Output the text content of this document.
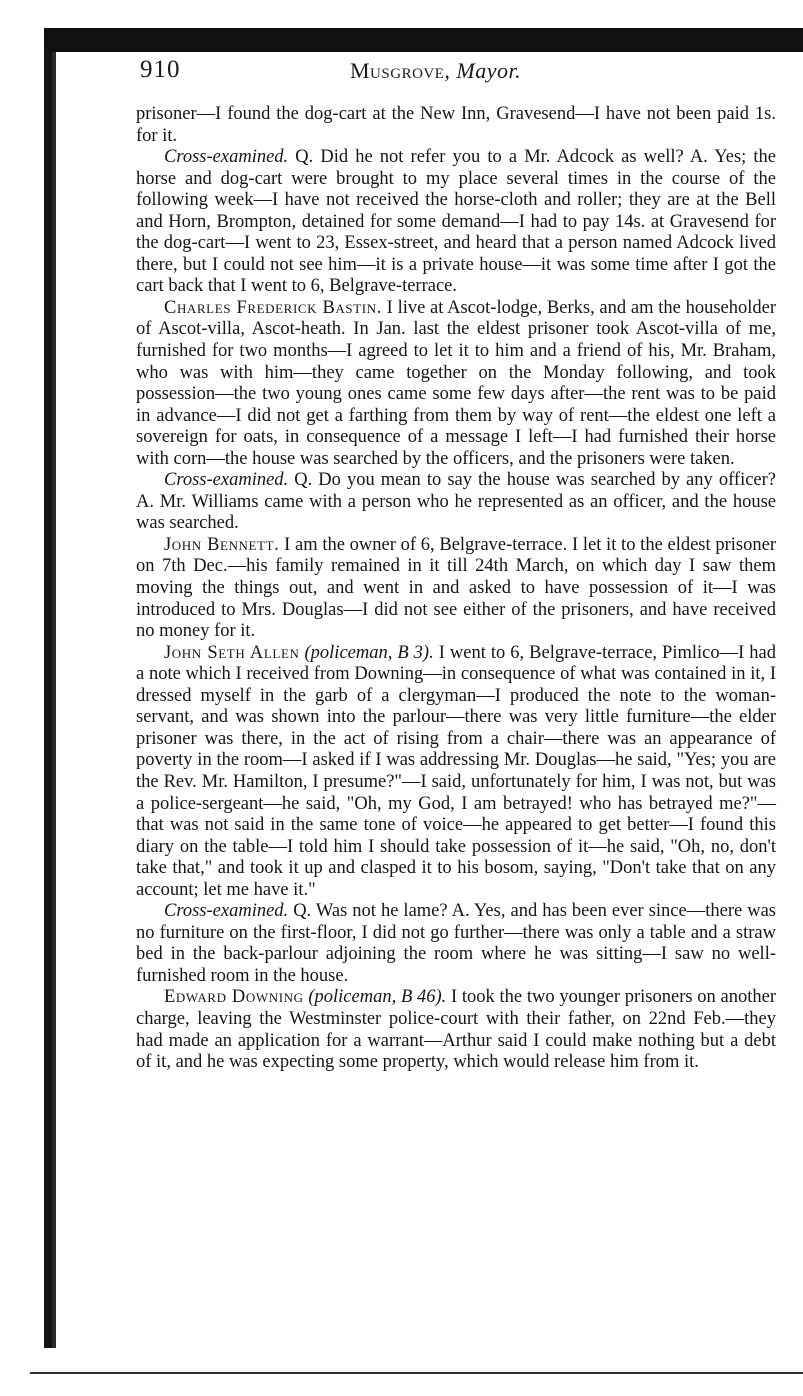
910	Musgrove, Mayor.

prisoner—I found the dog-cart at the New Inn, Gravesend—I have not been paid 1s. for it.

Cross-examined. Q. Did he not refer you to a Mr. Adcock as well? A. Yes; the horse and dog-cart were brought to my place several times in the course of the following week—I have not received the horse-cloth and roller; they are at the Bell and Horn, Brompton, detained for some demand—I had to pay 14s. at Gravesend for the dog-cart—I went to 23, Essex-street, and heard that a person named Adcock lived there, but I could not see him—it is a private house—it was some time after I got the cart back that I went to 6, Belgrave-terrace.

Charles Frederick Bastin. I live at Ascot-lodge, Berks, and am the householder of Ascot-villa, Ascot-heath. In Jan. last the eldest prisoner took Ascot-villa of me, furnished for two months—I agreed to let it to him and a friend of his, Mr. Braham, who was with him—they came together on the Monday following, and took possession—the two young ones came some few days after—the rent was to be paid in advance—I did not get a farthing from them by way of rent—the eldest one left a sovereign for oats, in consequence of a message I left—I had furnished their horse with corn—the house was searched by the officers, and the prisoners were taken.

Cross-examined. Q. Do you mean to say the house was searched by any officer? A. Mr. Williams came with a person who he represented as an officer, and the house was searched.

John Bennett. I am the owner of 6, Belgrave-terrace. I let it to the eldest prisoner on 7th Dec.—his family remained in it till 24th March, on which day I saw them moving the things out, and went in and asked to have possession of it—I was introduced to Mrs. Douglas—I did not see either of the prisoners, and have received no money for it.

John Seth Allen (policeman, B 3). I went to 6, Belgrave-terrace, Pimlico—I had a note which I received from Downing—in consequence of what was contained in it, I dressed myself in the garb of a clergyman—I produced the note to the woman-servant, and was shown into the parlour—there was very little furniture—the elder prisoner was there, in the act of rising from a chair—there was an appearance of poverty in the room—I asked if I was addressing Mr. Douglas—he said, "Yes; you are the Rev. Mr. Hamilton, I presume?"—I said, unfortunately for him, I was not, but was a police-sergeant—he said, "Oh, my God, I am betrayed! who has betrayed me?"—that was not said in the same tone of voice—he appeared to get better—I found this diary on the table—I told him I should take possession of it—he said, "Oh, no, don't take that," and took it up and clasped it to his bosom, saying, "Don't take that on any account; let me have it."

Cross-examined. Q. Was not he lame? A. Yes, and has been ever since—there was no furniture on the first-floor, I did not go further—there was only a table and a straw bed in the back-parlour adjoining the room where he was sitting—I saw no well-furnished room in the house.

Edward Downing (policeman, B 46). I took the two younger prisoners on another charge, leaving the Westminster police-court with their father, on 22nd Feb.—they had made an application for a warrant—Arthur said I could make nothing but a debt of it, and he was expecting some property, which would release him from it.
